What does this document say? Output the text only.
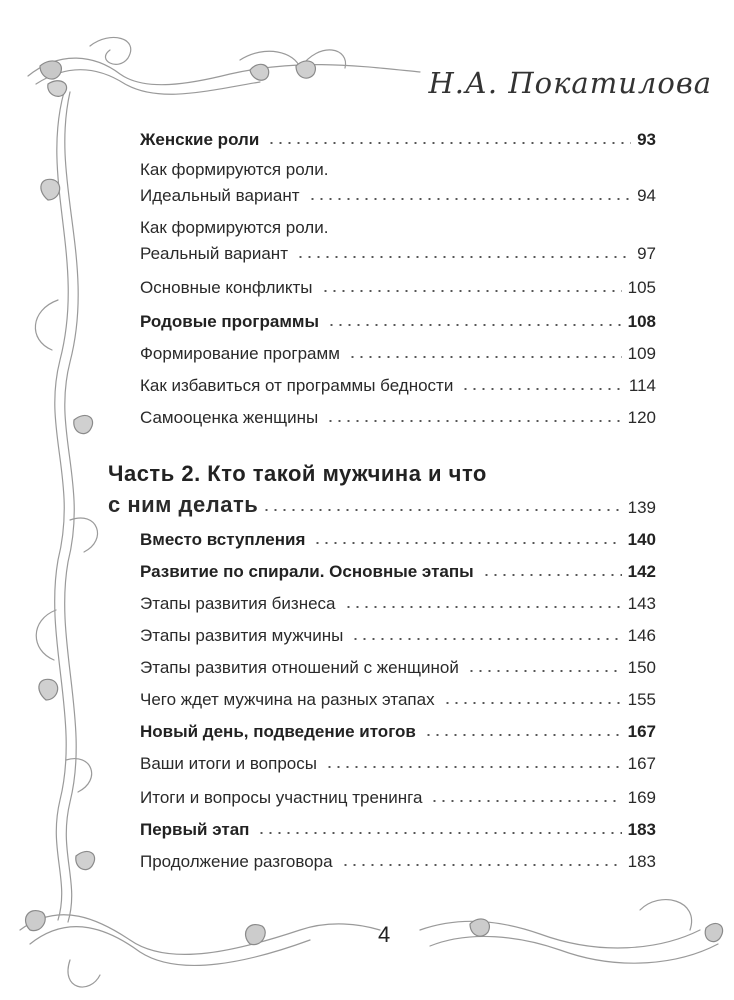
Н.А. Покатилова
Женские роли	93
Как формируются роли.
Идеальный вариант	94
Как формируются роли.
Реальный вариант	97
Основные конфликты	105
Родовые программы	108
Формирование программ	109
Как избавиться от программы бедности	114
Самооценка женщины	120
Часть 2. Кто такой мужчина и что
с ним делать	139
Вместо вступления	140
Развитие по спирали. Основные этапы	142
Этапы развития бизнеса	143
Этапы развития мужчины	146
Этапы развития отношений с женщиной	150
Чего ждет мужчина на разных этапах	155
Новый день, подведение итогов	167
Ваши итоги и вопросы	167
Итоги и вопросы участниц тренинга	169
Первый этап	183
Продолжение разговора	183
4
